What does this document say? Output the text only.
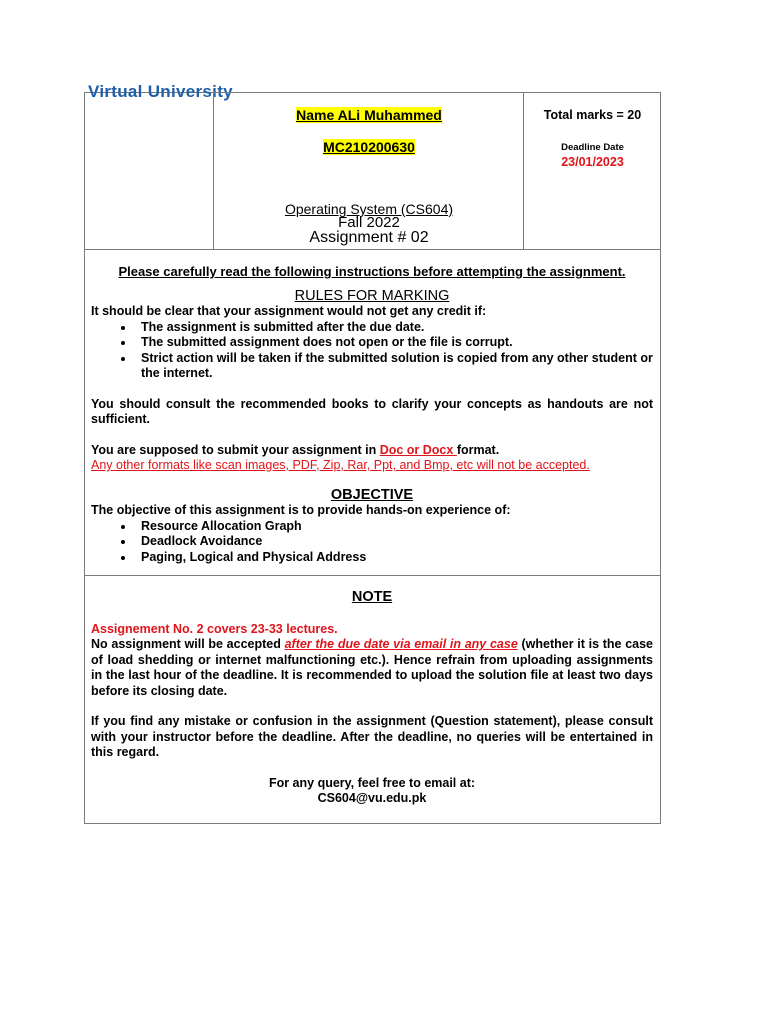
Virtual University
Name ALi Muhammed
MC210200630
Operating System (CS604)
Fall 2022
Assignment # 02
Total marks = 20
Deadline Date
23/01/2023
Please carefully read the following instructions before attempting the assignment.
RULES FOR MARKING
It should be clear that your assignment would not get any credit if:
• The assignment is submitted after the due date.
• The submitted assignment does not open or the file is corrupt.
• Strict action will be taken if the submitted solution is copied from any other student or the internet.
You should consult the recommended books to clarify your concepts as handouts are not sufficient.
You are supposed to submit your assignment in Doc or Docx format.
Any other formats like scan images, PDF, Zip, Rar, Ppt, and Bmp, etc will not be accepted.
OBJECTIVE
The objective of this assignment is to provide hands-on experience of:
• Resource Allocation Graph
• Deadlock Avoidance
• Paging, Logical and Physical Address
NOTE
Assignement No. 2 covers 23-33 lectures.
No assignment will be accepted after the due date via email in any case (whether it is the case of load shedding or internet malfunctioning etc.). Hence refrain from uploading assignments in the last hour of the deadline. It is recommended to upload the solution file at least two days before its closing date.
If you find any mistake or confusion in the assignment (Question statement), please consult with your instructor before the deadline. After the deadline, no queries will be entertained in this regard.
For any query, feel free to email at:
CS604@vu.edu.pk
